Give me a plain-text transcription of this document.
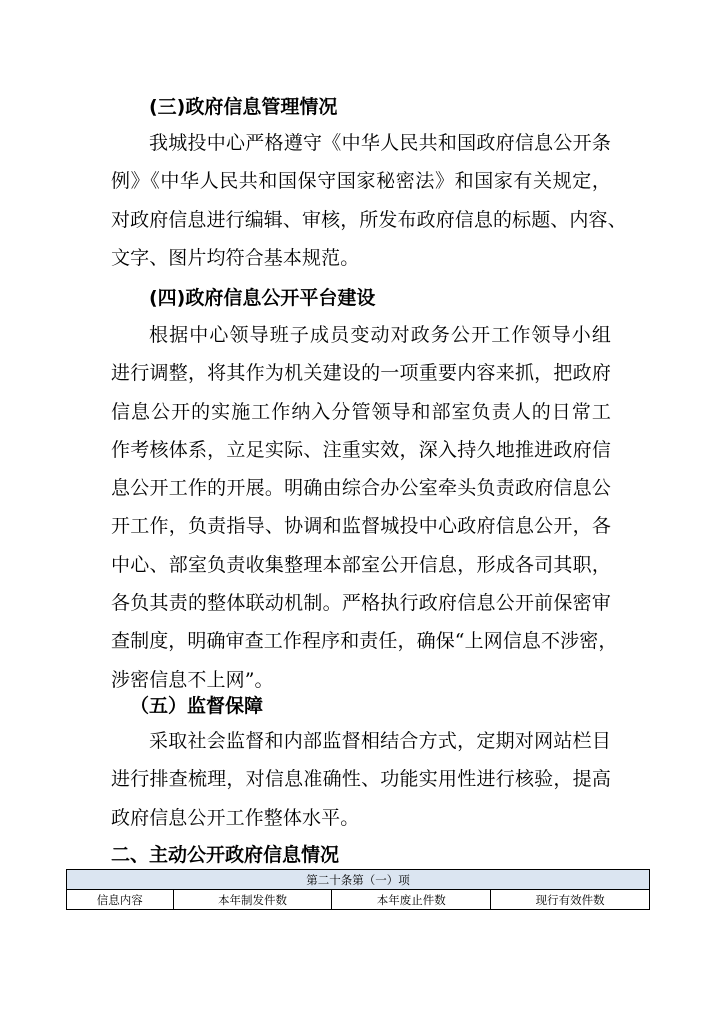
(三)政府信息管理情况
我城投中心严格遵守《中华人民共和国政府信息公开条
例》《中华人民共和国保守国家秘密法》和国家有关规定，
对政府信息进行编辑、审核，所发布政府信息的标题、内容、
文字、图片均符合基本规范。
(四)政府信息公开平台建设
根据中心领导班子成员变动对政务公开工作领导小组
进行调整，将其作为机关建设的一项重要内容来抓，把政府
信息公开的实施工作纳入分管领导和部室负责人的日常工
作考核体系，立足实际、注重实效，深入持久地推进政府信
息公开工作的开展。明确由综合办公室牵头负责政府信息公
开工作，负责指导、协调和监督城投中心政府信息公开，各
中心、部室负责收集整理本部室公开信息，形成各司其职，
各负其责的整体联动机制。严格执行政府信息公开前保密审
查制度，明确审查工作程序和责任，确保“上网信息不涉密，
涉密信息不上网”。
（五）监督保障
采取社会监督和内部监督相结合方式，定期对网站栏目
进行排查梳理，对信息准确性、功能实用性进行核验，提高
政府信息公开工作整体水平。
二、主动公开政府信息情况
第二十条第（一）项
信息内容	本年制发件数	本年废止件数	现行有效件数
